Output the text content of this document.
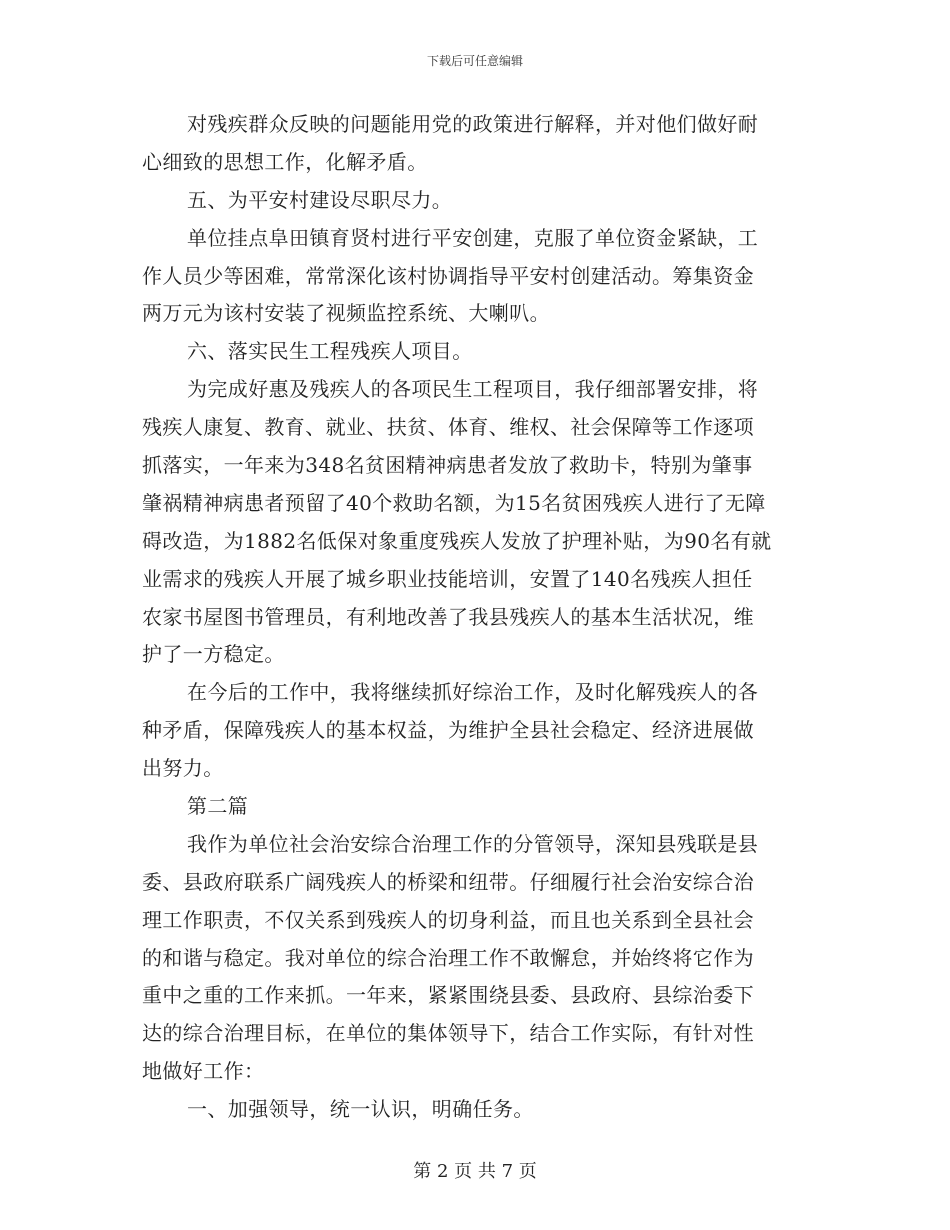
下载后可任意编辑
对残疾群众反映的问题能用党的政策进行解释，并对他们做好耐
心细致的思想工作，化解矛盾。
五、为平安村建设尽职尽力。
单位挂点阜田镇育贤村进行平安创建，克服了单位资金紧缺，工
作人员少等困难，常常深化该村协调指导平安村创建活动。筹集资金
两万元为该村安装了视频监控系统、大喇叭。
六、落实民生工程残疾人项目。
为完成好惠及残疾人的各项民生工程项目，我仔细部署安排，将
残疾人康复、教育、就业、扶贫、体育、维权、社会保障等工作逐项
抓落实，一年来为348名贫困精神病患者发放了救助卡，特别为肇事
肇祸精神病患者预留了40个救助名额，为15名贫困残疾人进行了无障
碍改造，为1882名低保对象重度残疾人发放了护理补贴，为90名有就
业需求的残疾人开展了城乡职业技能培训，安置了140名残疾人担任
农家书屋图书管理员，有利地改善了我县残疾人的基本生活状况，维
护了一方稳定。
在今后的工作中，我将继续抓好综治工作，及时化解残疾人的各
种矛盾，保障残疾人的基本权益，为维护全县社会稳定、经济进展做
出努力。
第二篇
我作为单位社会治安综合治理工作的分管领导，深知县残联是县
委、县政府联系广阔残疾人的桥梁和纽带。仔细履行社会治安综合治
理工作职责，不仅关系到残疾人的切身利益，而且也关系到全县社会
的和谐与稳定。我对单位的综合治理工作不敢懈怠，并始终将它作为
重中之重的工作来抓。一年来，紧紧围绕县委、县政府、县综治委下
达的综合治理目标，在单位的集体领导下，结合工作实际，有针对性
地做好工作：
一、加强领导，统一认识，明确任务。
第 2 页 共 7 页
